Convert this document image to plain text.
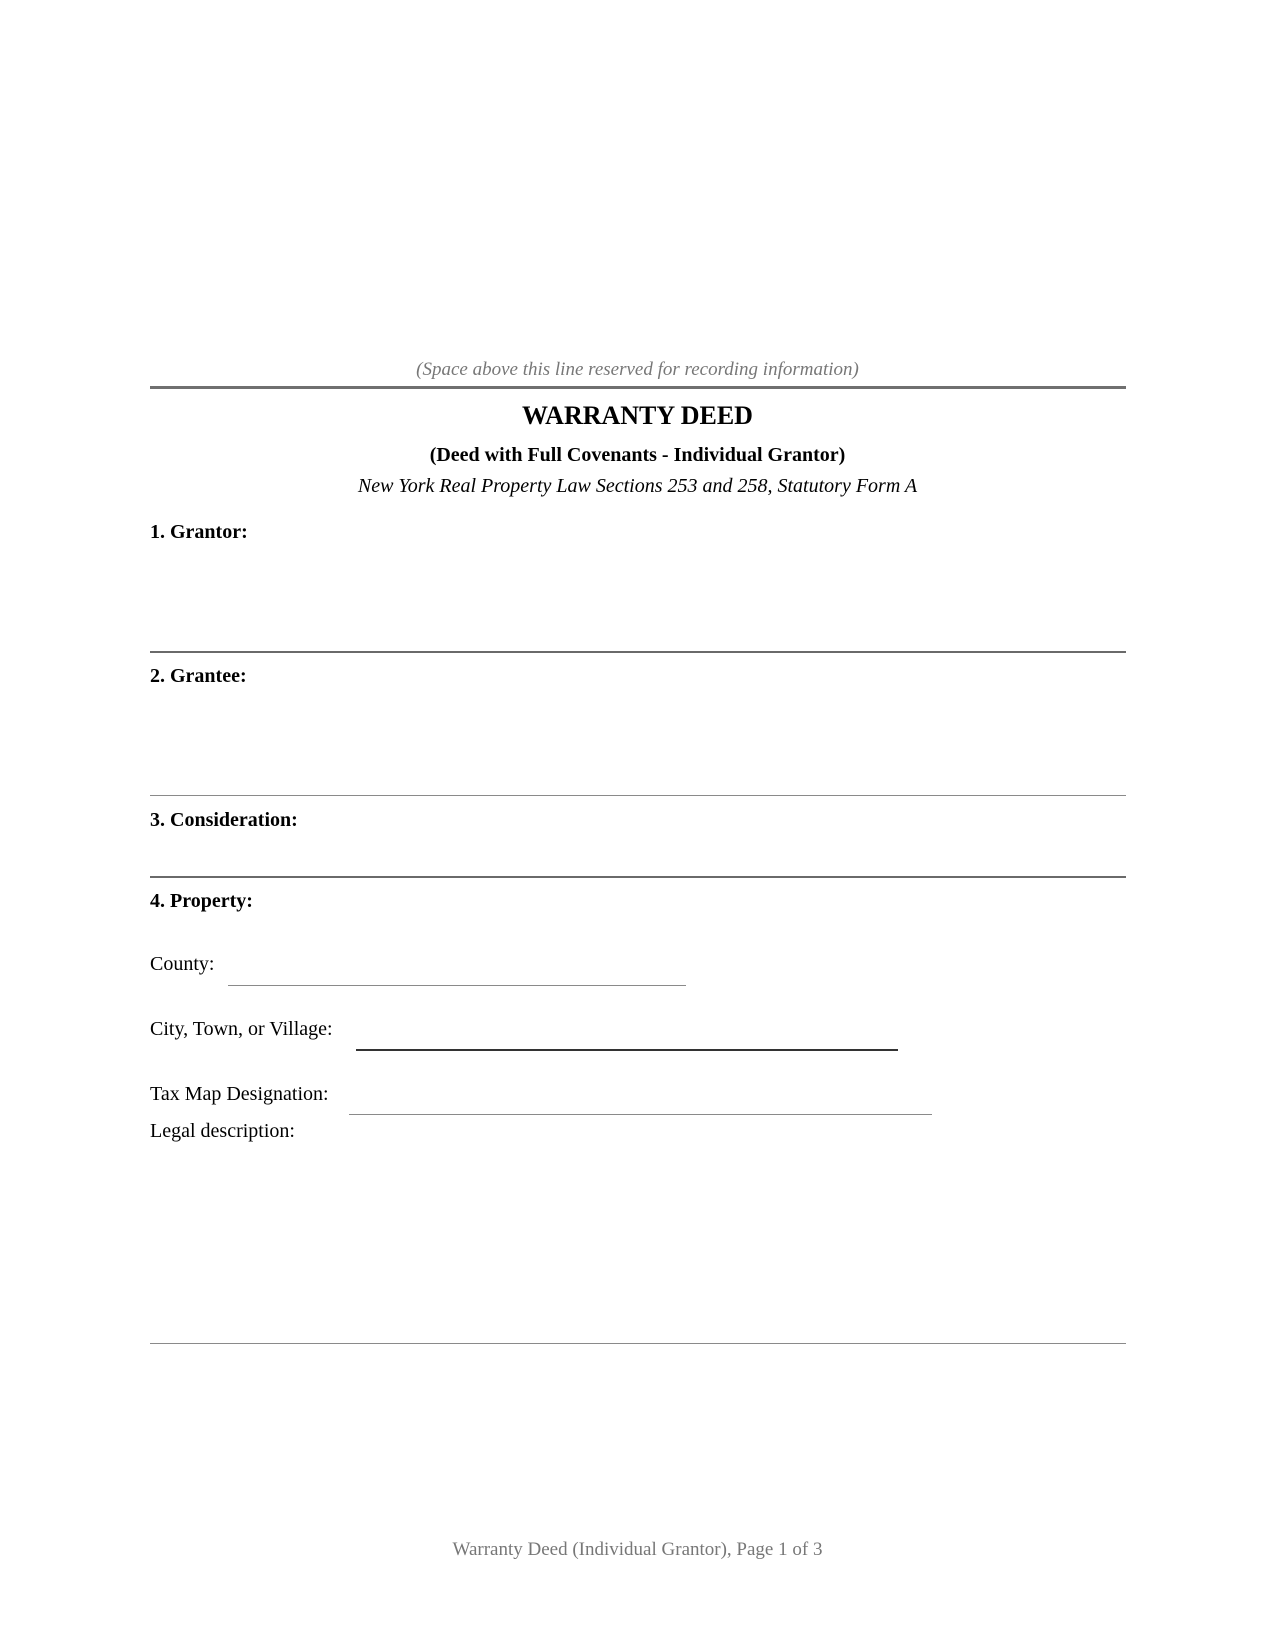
(Space above this line reserved for recording information)
WARRANTY DEED
(Deed with Full Covenants - Individual Grantor)
New York Real Property Law Sections 253 and 258, Statutory Form A
1. Grantor:
2. Grantee:
3. Consideration:
4. Property:
County:
City, Town, or Village:
Tax Map Designation:
Legal description:
Warranty Deed (Individual Grantor), Page 1 of 3
